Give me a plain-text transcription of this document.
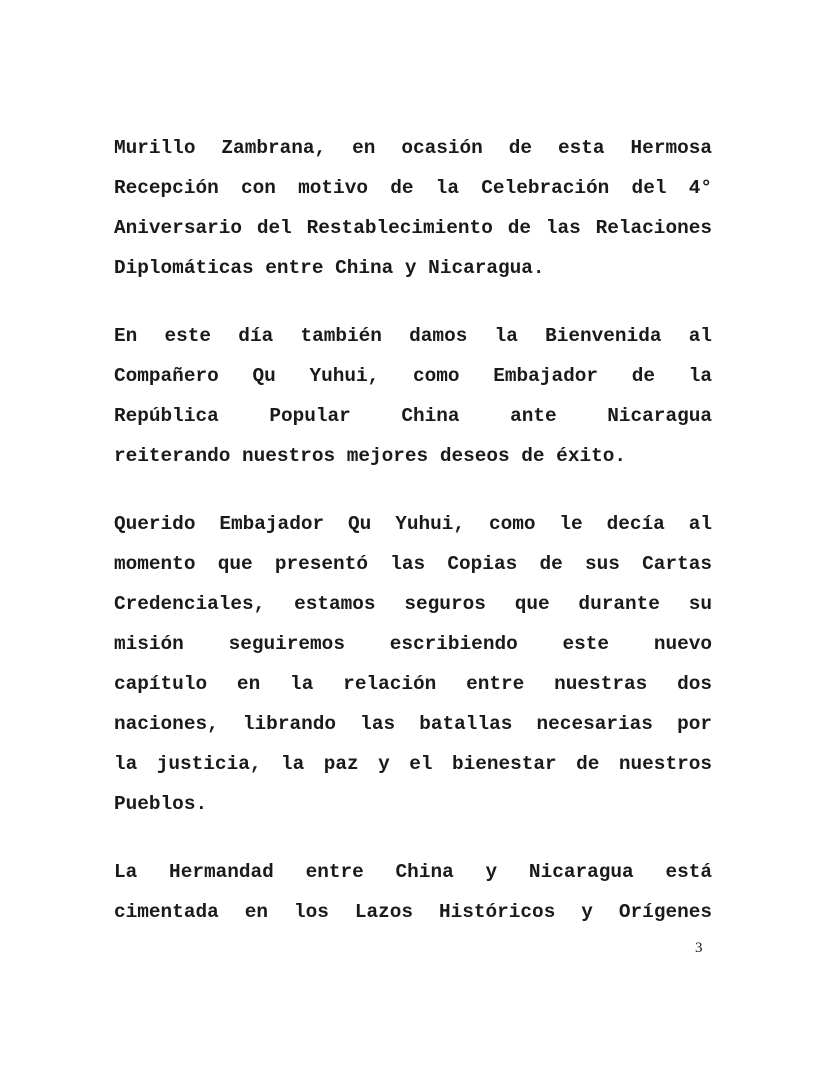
Murillo Zambrana, en ocasión de esta Hermosa
Recepción con motivo de la Celebración del 4°
Aniversario del Restablecimiento de las Relaciones
Diplomáticas entre China y Nicaragua.
En este día también damos la Bienvenida al
Compañero Qu Yuhui, como Embajador de la
República Popular China ante Nicaragua
reiterando nuestros mejores deseos de éxito.
Querido Embajador Qu Yuhui, como le decía al
momento que presentó las Copias de sus Cartas
Credenciales, estamos seguros que durante su
misión seguiremos escribiendo este nuevo
capítulo en la relación entre nuestras dos
naciones, librando las batallas necesarias por
la justicia, la paz y el bienestar de nuestros
Pueblos.
La Hermandad entre China y Nicaragua está
cimentada en los Lazos Históricos y Orígenes
3
